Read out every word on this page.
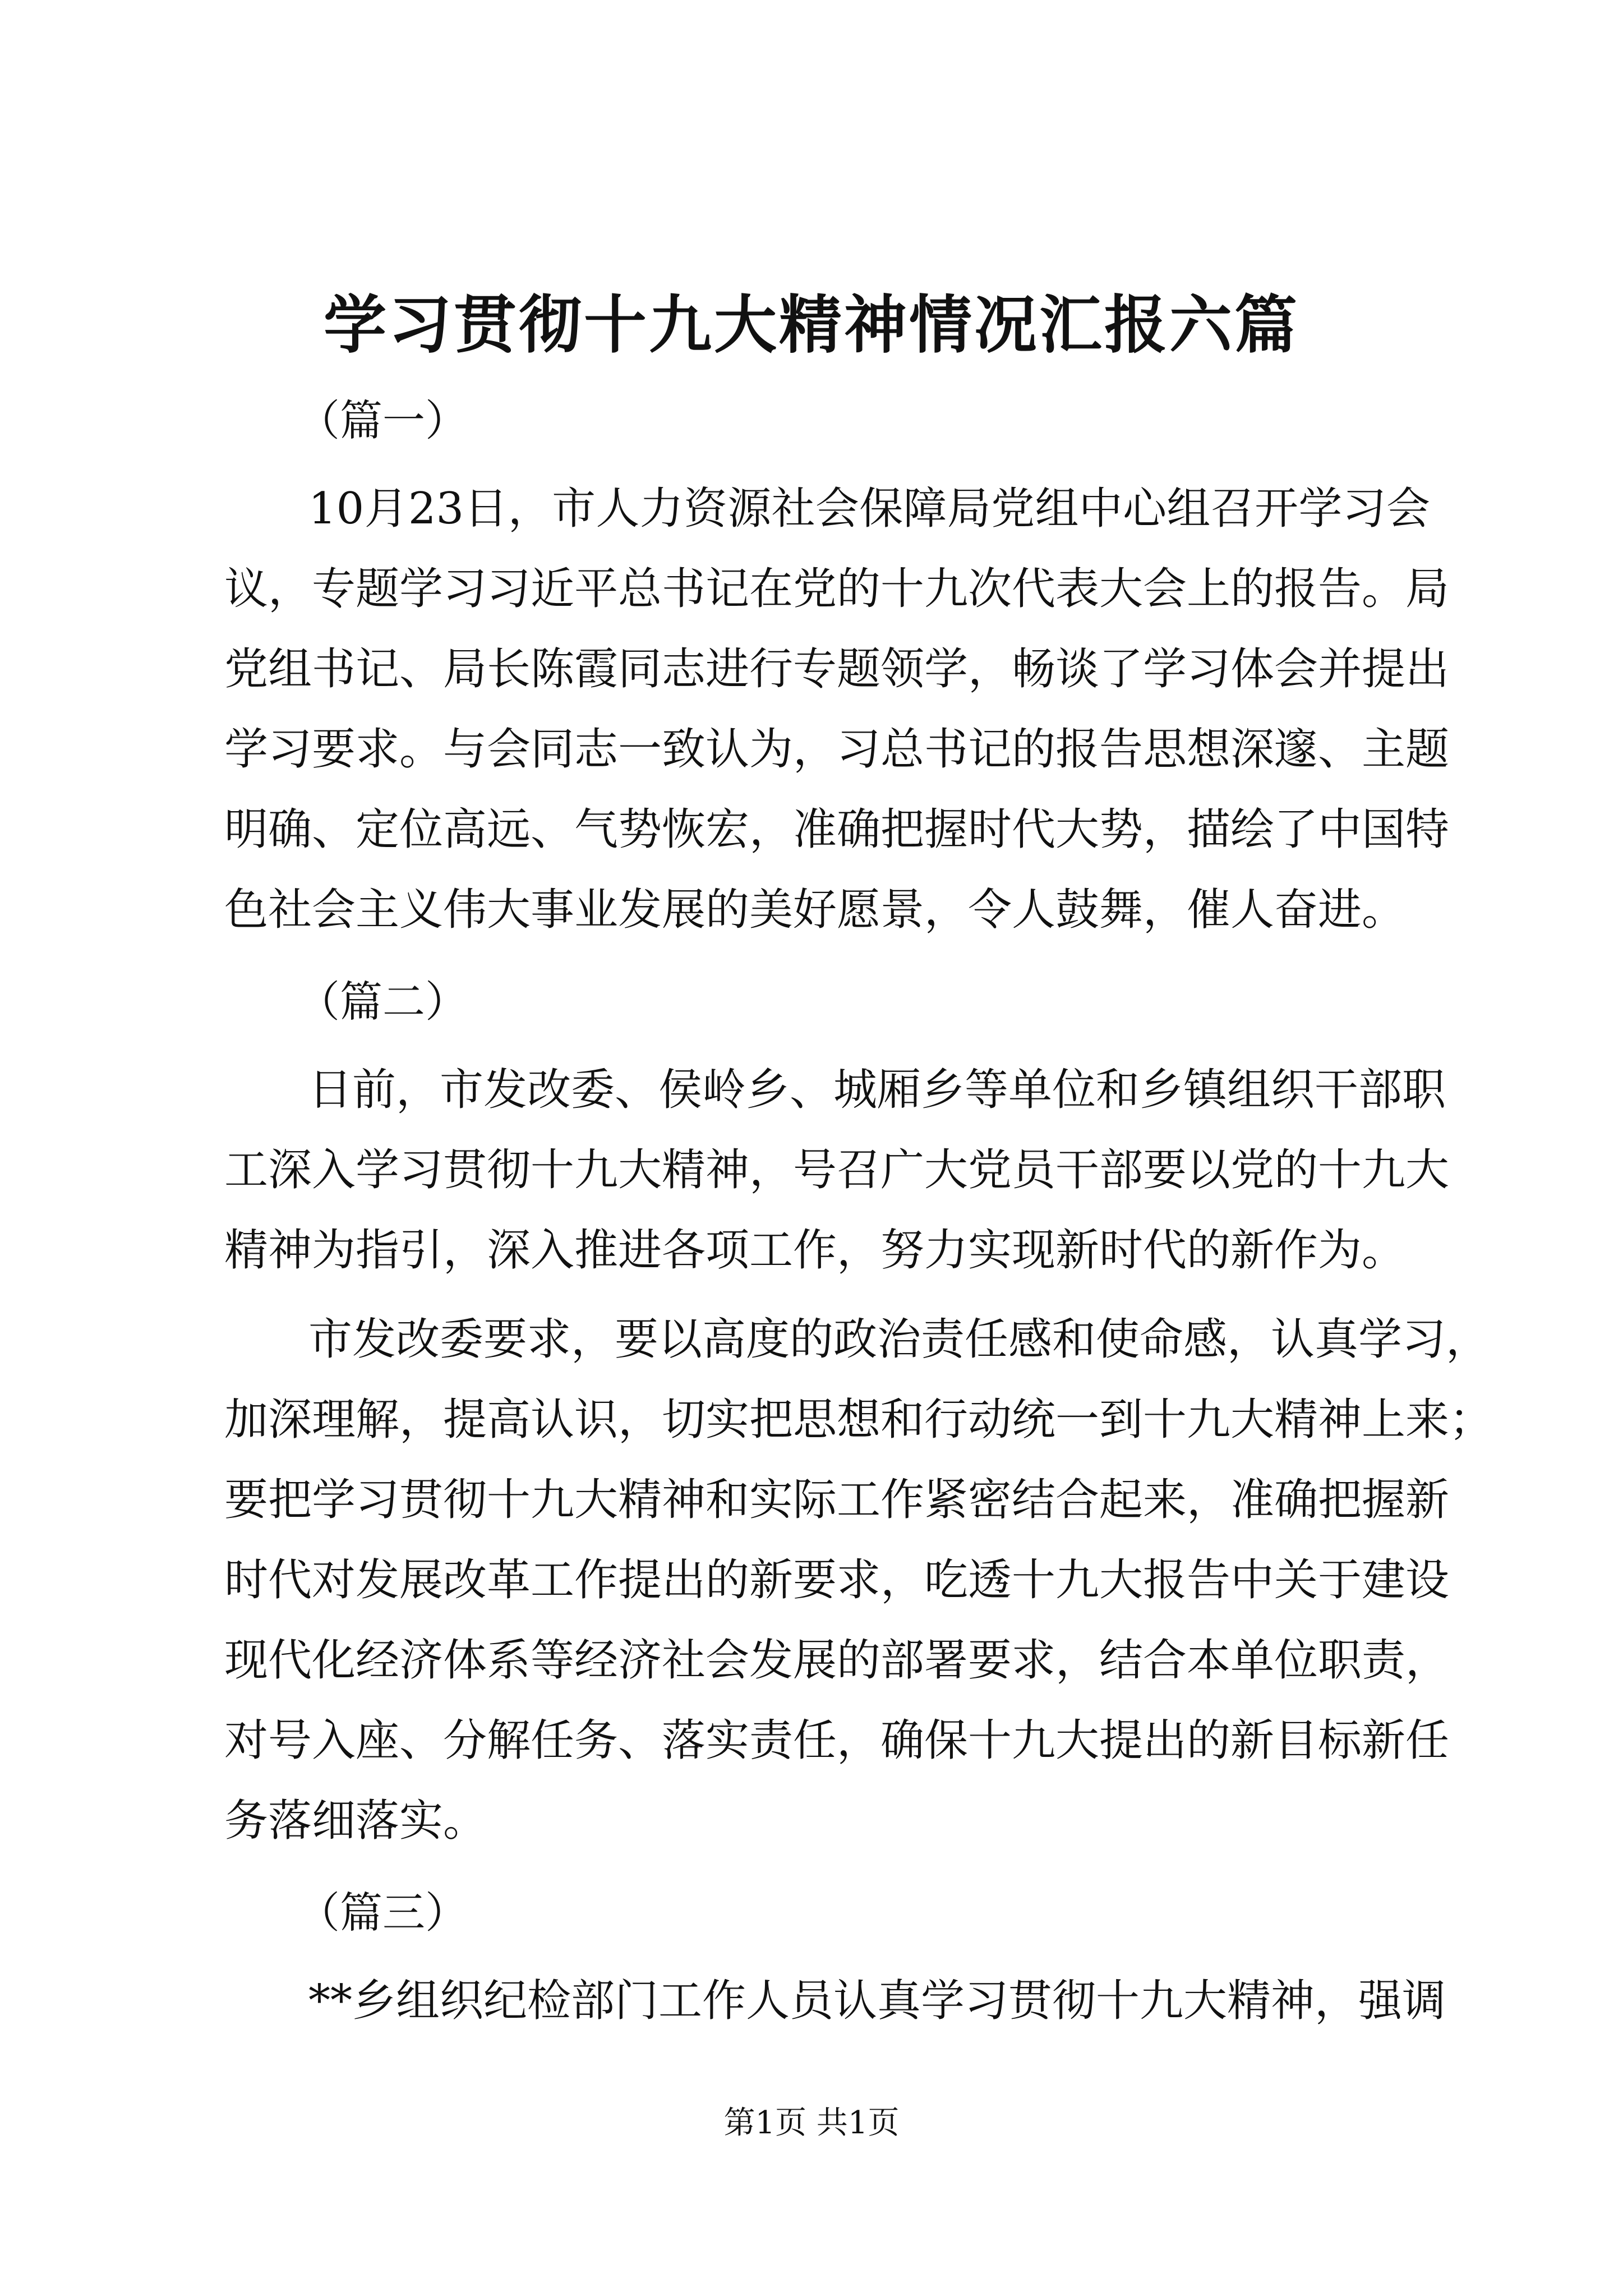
学习贯彻十九大精神情况汇报六篇
（篇一）
10月23日，市人力资源社会保障局党组中心组召开学习会
议，专题学习习近平总书记在党的十九次代表大会上的报告。局
党组书记、局长陈霞同志进行专题领学，畅谈了学习体会并提出
学习要求。与会同志一致认为，习总书记的报告思想深邃、主题
明确、定位高远、气势恢宏，准确把握时代大势，描绘了中国特
色社会主义伟大事业发展的美好愿景，令人鼓舞，催人奋进。
（篇二）
日前，市发改委、侯岭乡、城厢乡等单位和乡镇组织干部职
工深入学习贯彻十九大精神，号召广大党员干部要以党的十九大
精神为指引，深入推进各项工作，努力实现新时代的新作为。
市发改委要求，要以高度的政治责任感和使命感，认真学习，
加深理解，提高认识，切实把思想和行动统一到十九大精神上来；
要把学习贯彻十九大精神和实际工作紧密结合起来，准确把握新
时代对发展改革工作提出的新要求，吃透十九大报告中关于建设
现代化经济体系等经济社会发展的部署要求，结合本单位职责，
对号入座、分解任务、落实责任，确保十九大提出的新目标新任
务落细落实。
（篇三）
**乡组织纪检部门工作人员认真学习贯彻十九大精神，强调
第1页 共1页
